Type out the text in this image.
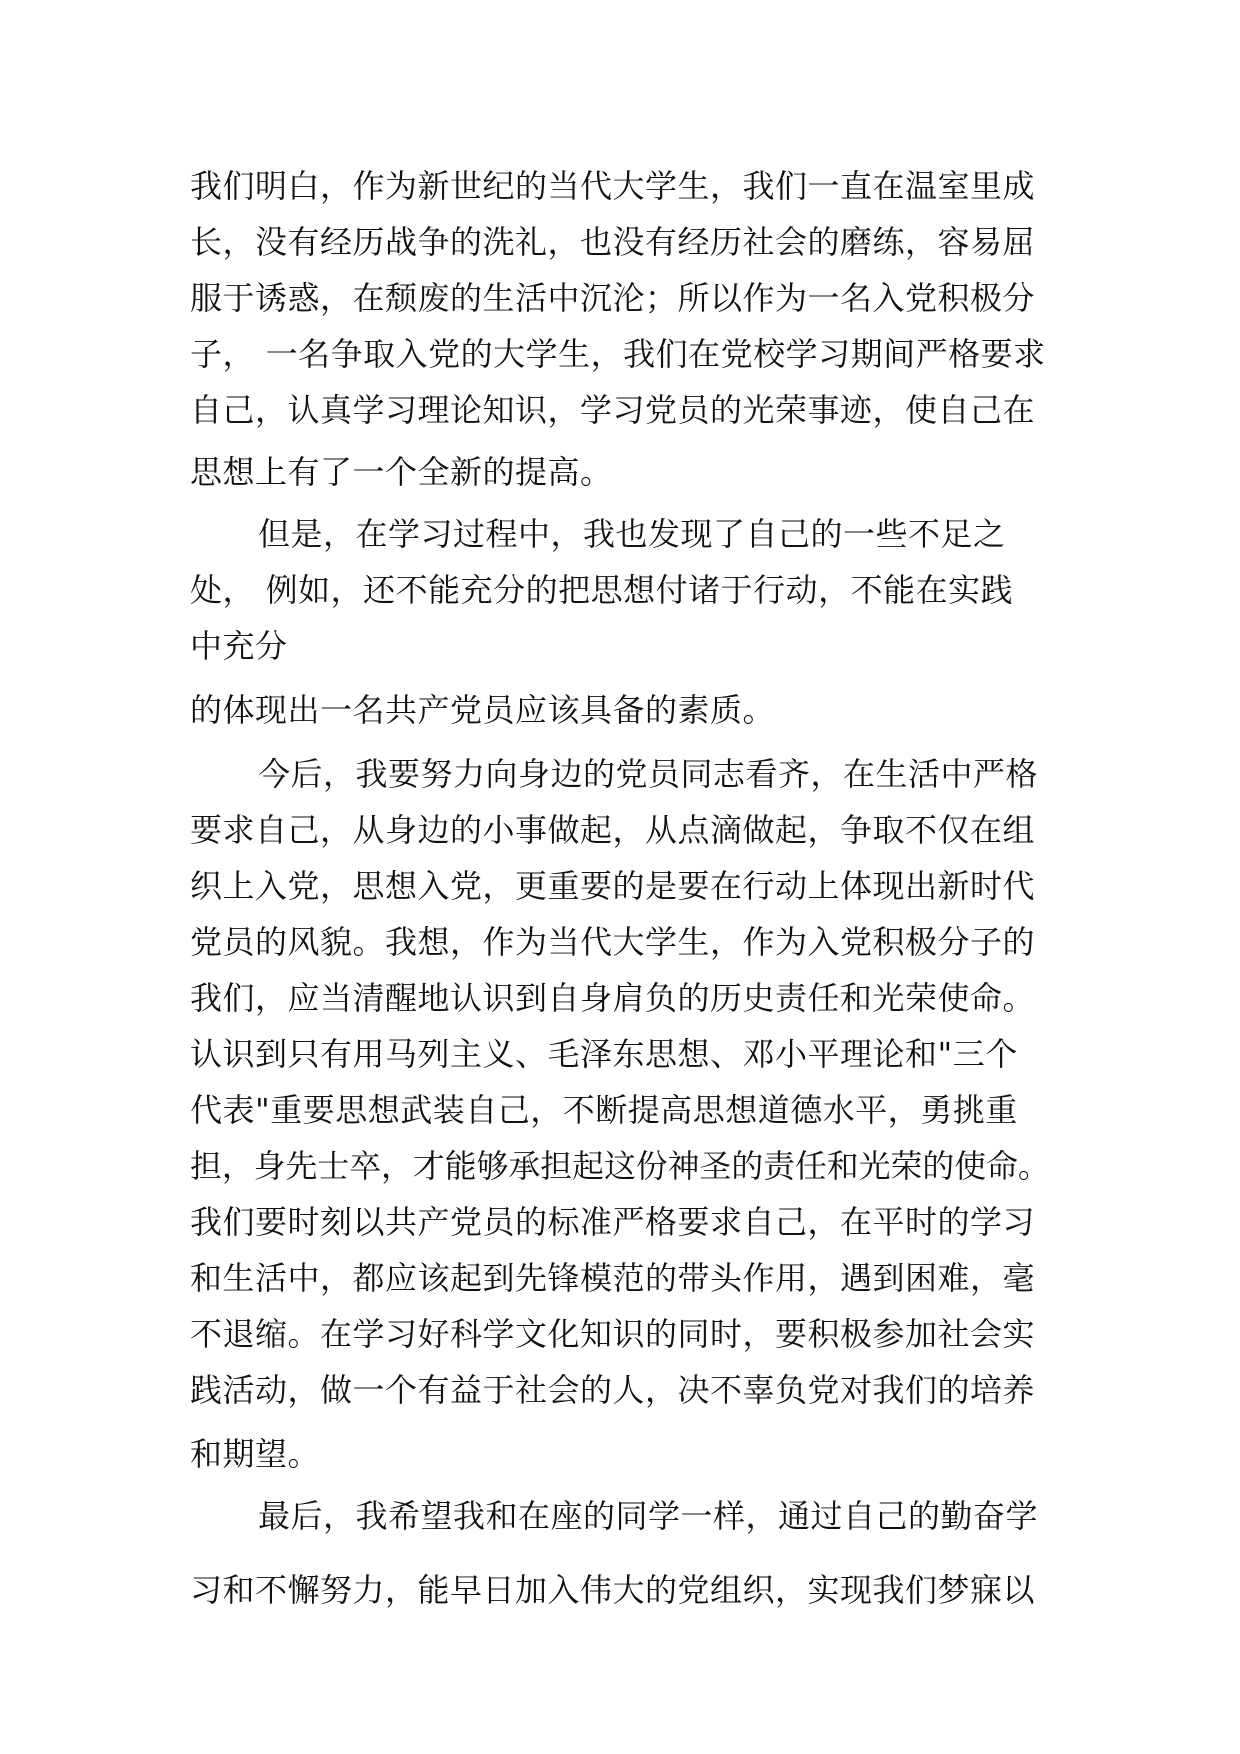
我们明白，作为新世纪的当代大学生，我们一直在温室里成
长，没有经历战争的洗礼，也没有经历社会的磨练，容易屈
服于诱惑，在颓废的生活中沉沦；所以作为一名入党积极分
子， 一名争取入党的大学生，我们在党校学习期间严格要求
自己，认真学习理论知识，学习党员的光荣事迹，使自己在
思想上有了一个全新的提高。
但是，在学习过程中，我也发现了自己的一些不足之
处， 例如，还不能充分的把思想付诸于行动，不能在实践
中充分
的体现出一名共产党员应该具备的素质。
今后，我要努力向身边的党员同志看齐，在生活中严格
要求自己，从身边的小事做起，从点滴做起，争取不仅在组
织上入党，思想入党，更重要的是要在行动上体现出新时代
党员的风貌。我想，作为当代大学生，作为入党积极分子的
我们，应当清醒地认识到自身肩负的历史责任和光荣使命。
认识到只有用马列主义、毛泽东思想、邓小平理论和"三个
代表"重要思想武装自己，不断提高思想道德水平，勇挑重
担，身先士卒，才能够承担起这份神圣的责任和光荣的使命。
我们要时刻以共产党员的标准严格要求自己，在平时的学习
和生活中，都应该起到先锋模范的带头作用，遇到困难，毫
不退缩。在学习好科学文化知识的同时，要积极参加社会实
践活动，做一个有益于社会的人，决不辜负党对我们的培养
和期望。
最后，我希望我和在座的同学一样，通过自己的勤奋学
习和不懈努力，能早日加入伟大的党组织，实现我们梦寐以
